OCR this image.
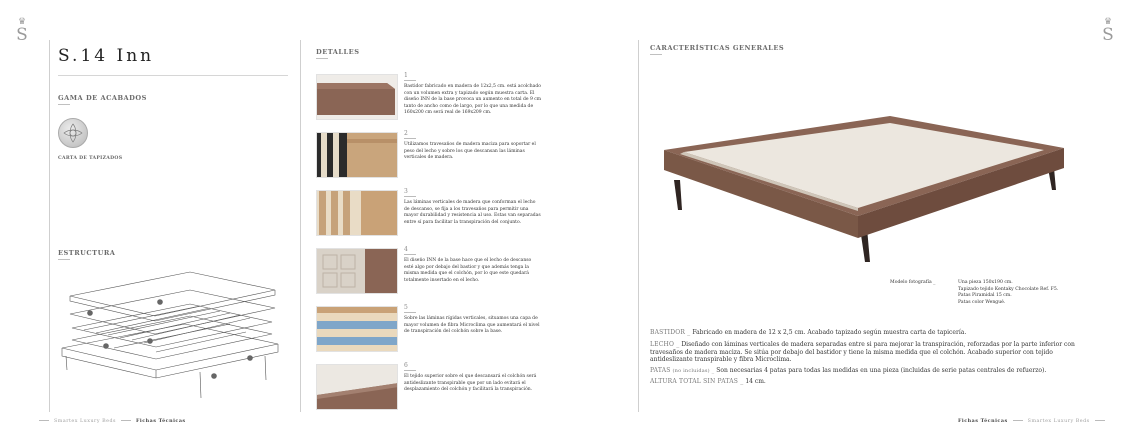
♛
S
♛
S
S.14 Inn
GAMA DE ACABADOS
CARTA DE TAPIZADOS
ESTRUCTURA
DETALLES
1
Bastidor fabricado en madera de 12x2,5 cm. está acolchado con un volumen extra y tapizado según muestra carta. El diseño INN de la base provoca un aumento en total de 9 cm tanto de ancho como de largo, por lo que una medida de 160x200 cm será real de 169x209 cm.
2
Utilizamos travesaños de madera maciza para soportar el peso del lecho y sobre los que descansan las láminas verticales de madera.
3
Las láminas verticales de madera que conforman el lecho de descanso, se fija a los travesaños para permitir una mayor durabilidad y resistencia al uso. Estas van separadas entre sí para facilitar la transpiración del conjunto.
4
El diseño INN de la base hace que el lecho de descanso esté algo por debajo del bastior y que además tenga la misma medida que el colchón, por lo que este quedará totalmente insertado en el lecho.
5
Sobre las láminas rígidas verticales, situamos una capa de mayor volumen de fibra Microclima que aumentará el nivel de transpiración del colchón sobre la base.
6
El tejido superior sobre el que descansará el colchón será antideslizante transpirable que por un lado evitará el desplazamiento del colchón y facilitará la transpiración.
CARACTERÍSTICAS GENERALES
Modelo fotografía _	Una pieza 150x190 cm.
Tapizado tejido Kentaky Chocolate Ref. F5.
Patas Piramidal 15 cm.
Patas color Wengué.
BASTIDOR _ Fabricado en madera de 12 x 2,5 cm. Acabado tapizado según muestra carta de tapicería.
LECHO _ Diseñado con láminas verticales de madera separadas entre si para mejorar la transpiración, reforzadas por la parte inferior con travesaños de madera maciza. Se sitúa por debajo del bastidor y tiene la misma medida que el colchón. Acabado superior con tejido antideslizante transpirable y fibra Microclima.
PATAS (no incluidas) _ Son necesarias 4 patas para todas las medidas en una pieza (incluidas de serie patas centrales de refuerzo).
ALTURA TOTAL SIN PATAS _ 14 cm.
Smartex Luxury Beds	Fichas Técnicas	Fichas Técnicas	Smartex Luxury Beds
